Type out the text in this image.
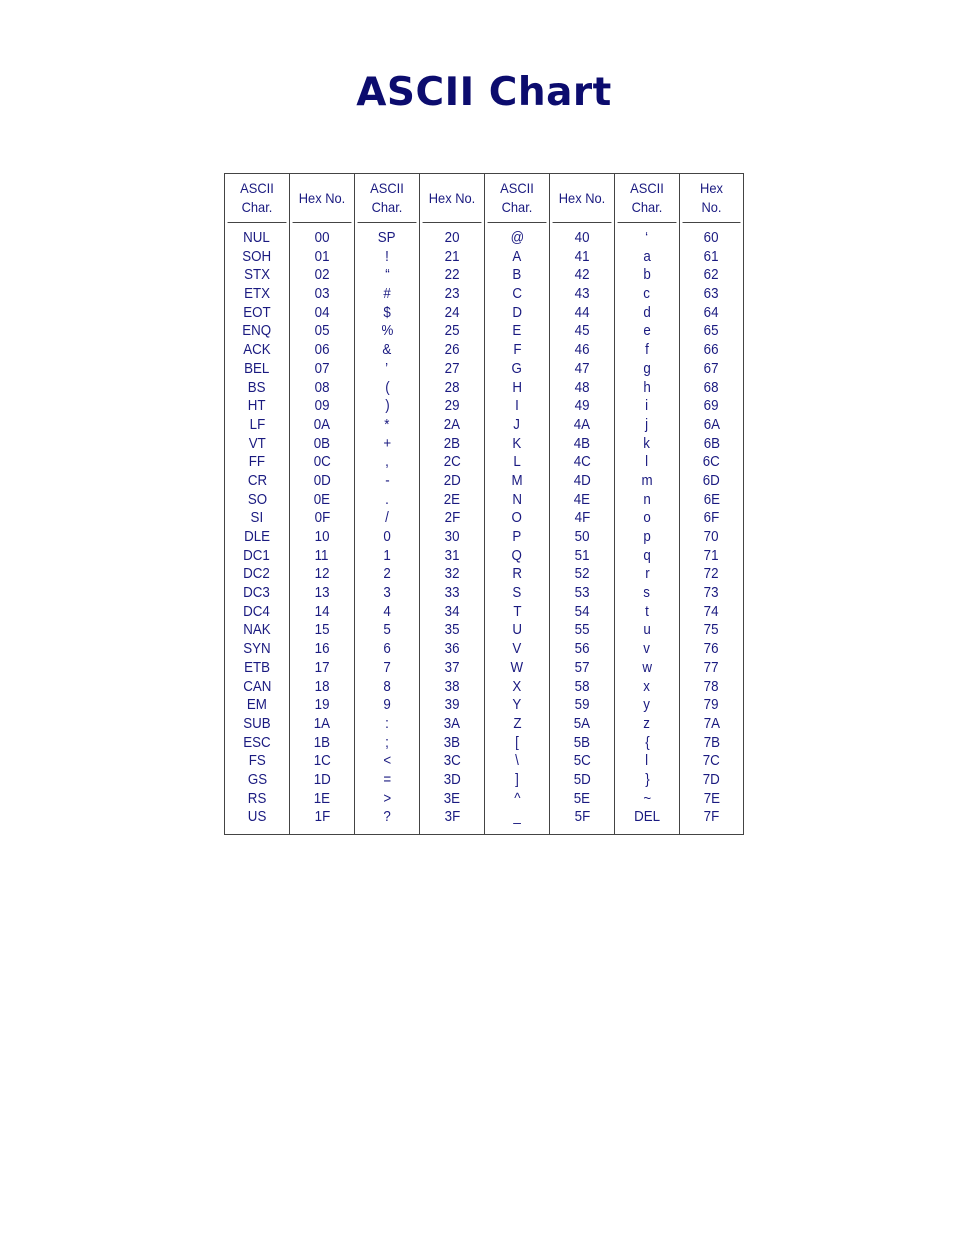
ASCII Chart
ASCII
Char.
NUL
SOH
STX
ETX
EOT
ENQ
ACK
BEL
BS
HT
LF
VT
FF
CR
SO
SI
DLE
DC1
DC2
DC3
DC4
NAK
SYN
ETB
CAN
EM
SUB
ESC
FS
GS
RS
US
Hex No.
00
01
02
03
04
05
06
07
08
09
0A
0B
0C
0D
0E
0F
10
11
12
13
14
15
16
17
18
19
1A
1B
1C
1D
1E
1F
ASCII
Char.
SP
!
“
#
$
%
&
’
(
)
*
+
,
-
.
/
0
1
2
3
4
5
6
7
8
9
:
;
<
=
>
?
Hex No.
20
21
22
23
24
25
26
27
28
29
2A
2B
2C
2D
2E
2F
30
31
32
33
34
35
36
37
38
39
3A
3B
3C
3D
3E
3F
ASCII
Char.
@
A
B
C
D
E
F
G
H
I
J
K
L
M
N
O
P
Q
R
S
T
U
V
W
X
Y
Z
[
\
]
^
_
Hex No.
40
41
42
43
44
45
46
47
48
49
4A
4B
4C
4D
4E
4F
50
51
52
53
54
55
56
57
58
59
5A
5B
5C
5D
5E
5F
ASCII
Char.
‘
a
b
c
d
e
f
g
h
i
j
k
l
m
n
o
p
q
r
s
t
u
v
w
x
y
z
{
l
}
~
DEL
Hex
No.
60
61
62
63
64
65
66
67
68
69
6A
6B
6C
6D
6E
6F
70
71
72
73
74
75
76
77
78
79
7A
7B
7C
7D
7E
7F
